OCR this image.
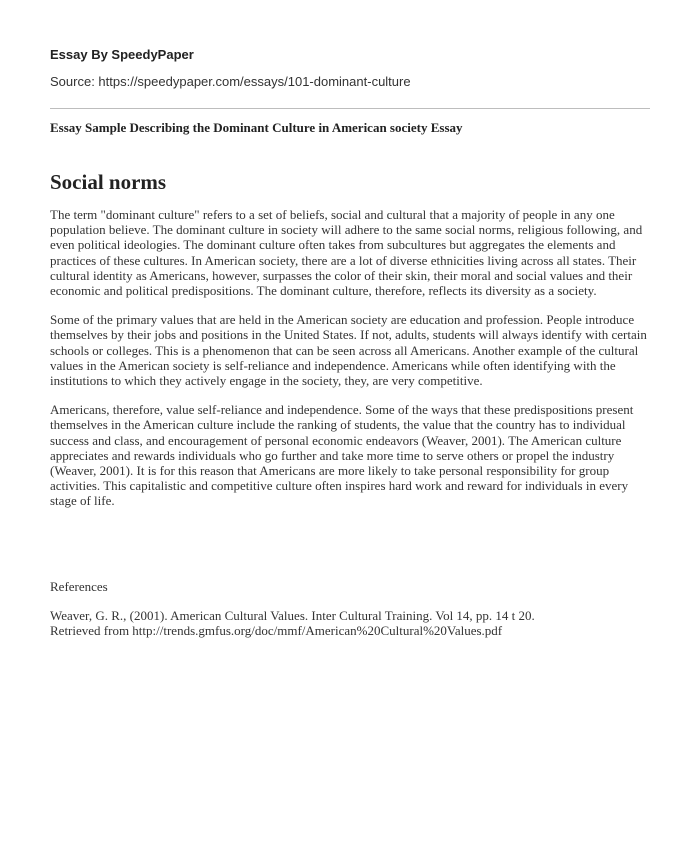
Essay By SpeedyPaper
Source: https://speedypaper.com/essays/101-dominant-culture
Essay Sample Describing the Dominant Culture in American society Essay
Social norms

The term "dominant culture" refers to a set of beliefs, social and cultural that a majority of people in any one population believe. The dominant culture in society will adhere to the same social norms, religious following, and even political ideologies. The dominant culture often takes from subcultures but aggregates the elements and practices of these cultures. In American society, there are a lot of diverse ethnicities living across all states. Their cultural identity as Americans, however, surpasses the color of their skin, their moral and social values and their economic and political predispositions. The dominant culture, therefore, reflects its diversity as a society.

Some of the primary values that are held in the American society are education and profession. People introduce themselves by their jobs and positions in the United States. If not, adults, students will always identify with certain schools or colleges. This is a phenomenon that can be seen across all Americans. Another example of the cultural values in the American society is self-reliance and independence. Americans while often identifying with the institutions to which they actively engage in the society, they, are very competitive.

Americans, therefore, value self-reliance and independence. Some of the ways that these predispositions present themselves in the American culture include the ranking of students, the value that the country has to individual success and class, and encouragement of personal economic endeavors (Weaver, 2001). The American culture appreciates and rewards individuals who go further and take more time to serve others or propel the industry (Weaver, 2001). It is for this reason that Americans are more likely to take personal responsibility for group activities. This capitalistic and competitive culture often inspires hard work and reward for individuals in every stage of life.

References
Weaver, G. R., (2001). American Cultural Values. Inter Cultural Training. Vol 14, pp. 14 t 20.
Retrieved from http://trends.gmfus.org/doc/mmf/American%20Cultural%20Values.pdf
